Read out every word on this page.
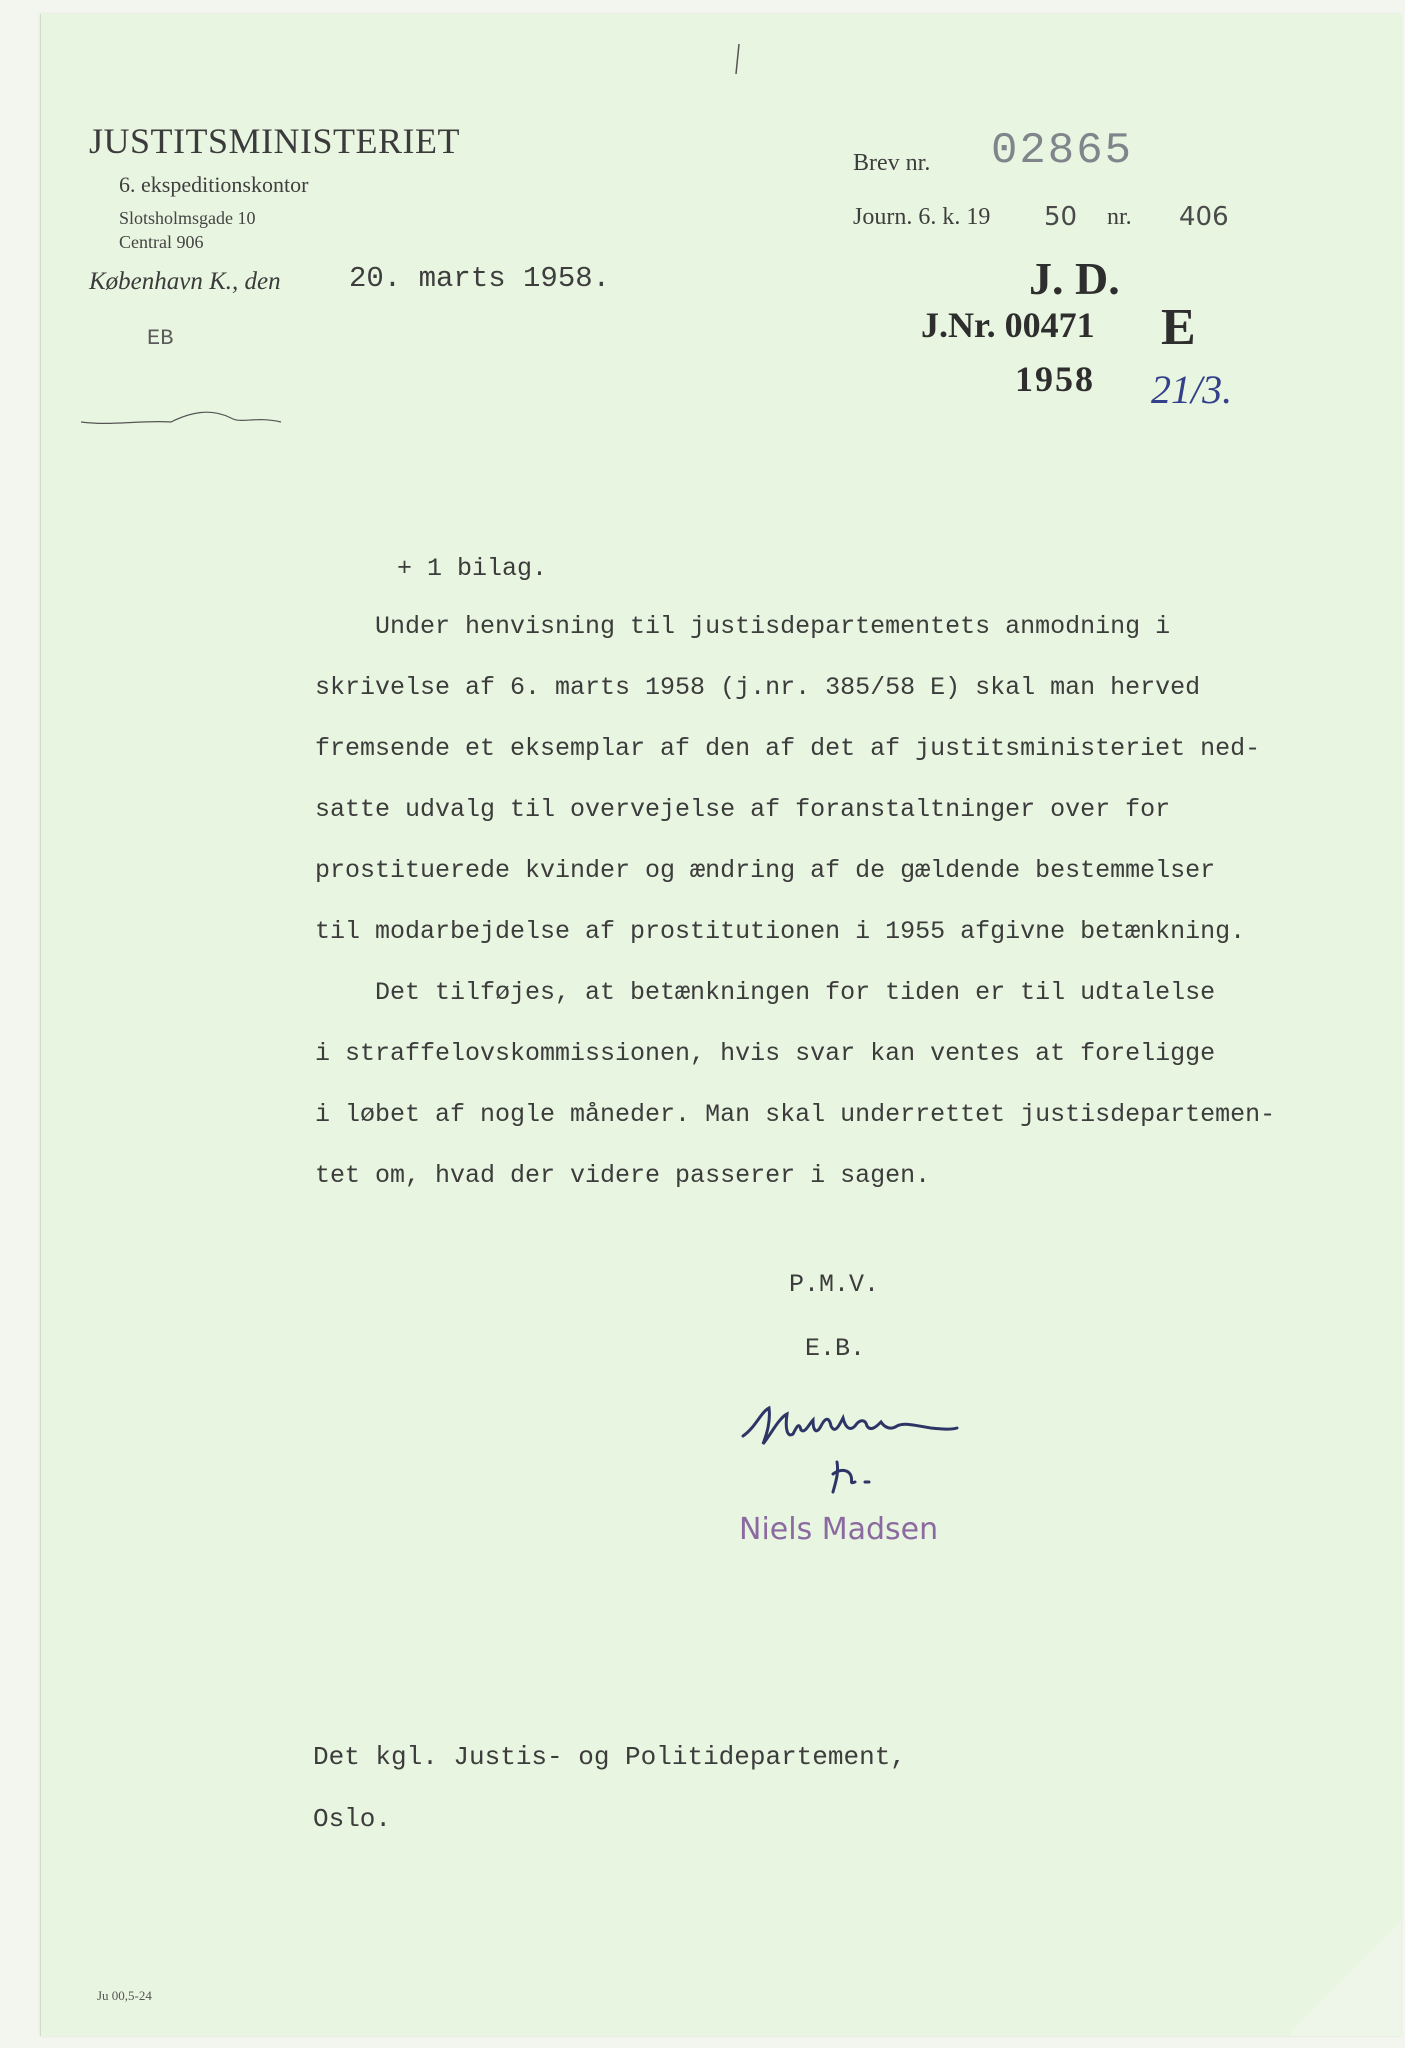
JUSTITSMINISTERIET
6. ekspeditionskontor
Slotsholmsgade 10
Central 906
København K., den 20. marts 1958.
EB
Brev nr. 02865
Journ. 6. k. 19 50 nr. 406
J. D.
J.Nr. 00471 E
1958 21/3.
+ 1 bilag.
Under henvisning til justisdepartementets anmodning i
skrivelse af 6. marts 1958 (j.nr. 385/58 E) skal man herved
fremsende et eksemplar af den af det af justitsministeriet ned-
satte udvalg til overvejelse af foranstaltninger over for
prostituerede kvinder og ændring af de gældende bestemmelser
til modarbejdelse af prostitutionen i 1955 afgivne betænkning.
Det tilføjes, at betænkningen for tiden er til udtalelse
i straffelovskommissionen, hvis svar kan ventes at foreligge
i løbet af nogle måneder. Man skal underrettet justisdepartemen-
tet om, hvad der videre passerer i sagen.
P.M.V.
E.B.
Niels Madsen
Det kgl. Justis- og Politidepartement,
Oslo.
Ju 00,5-24
